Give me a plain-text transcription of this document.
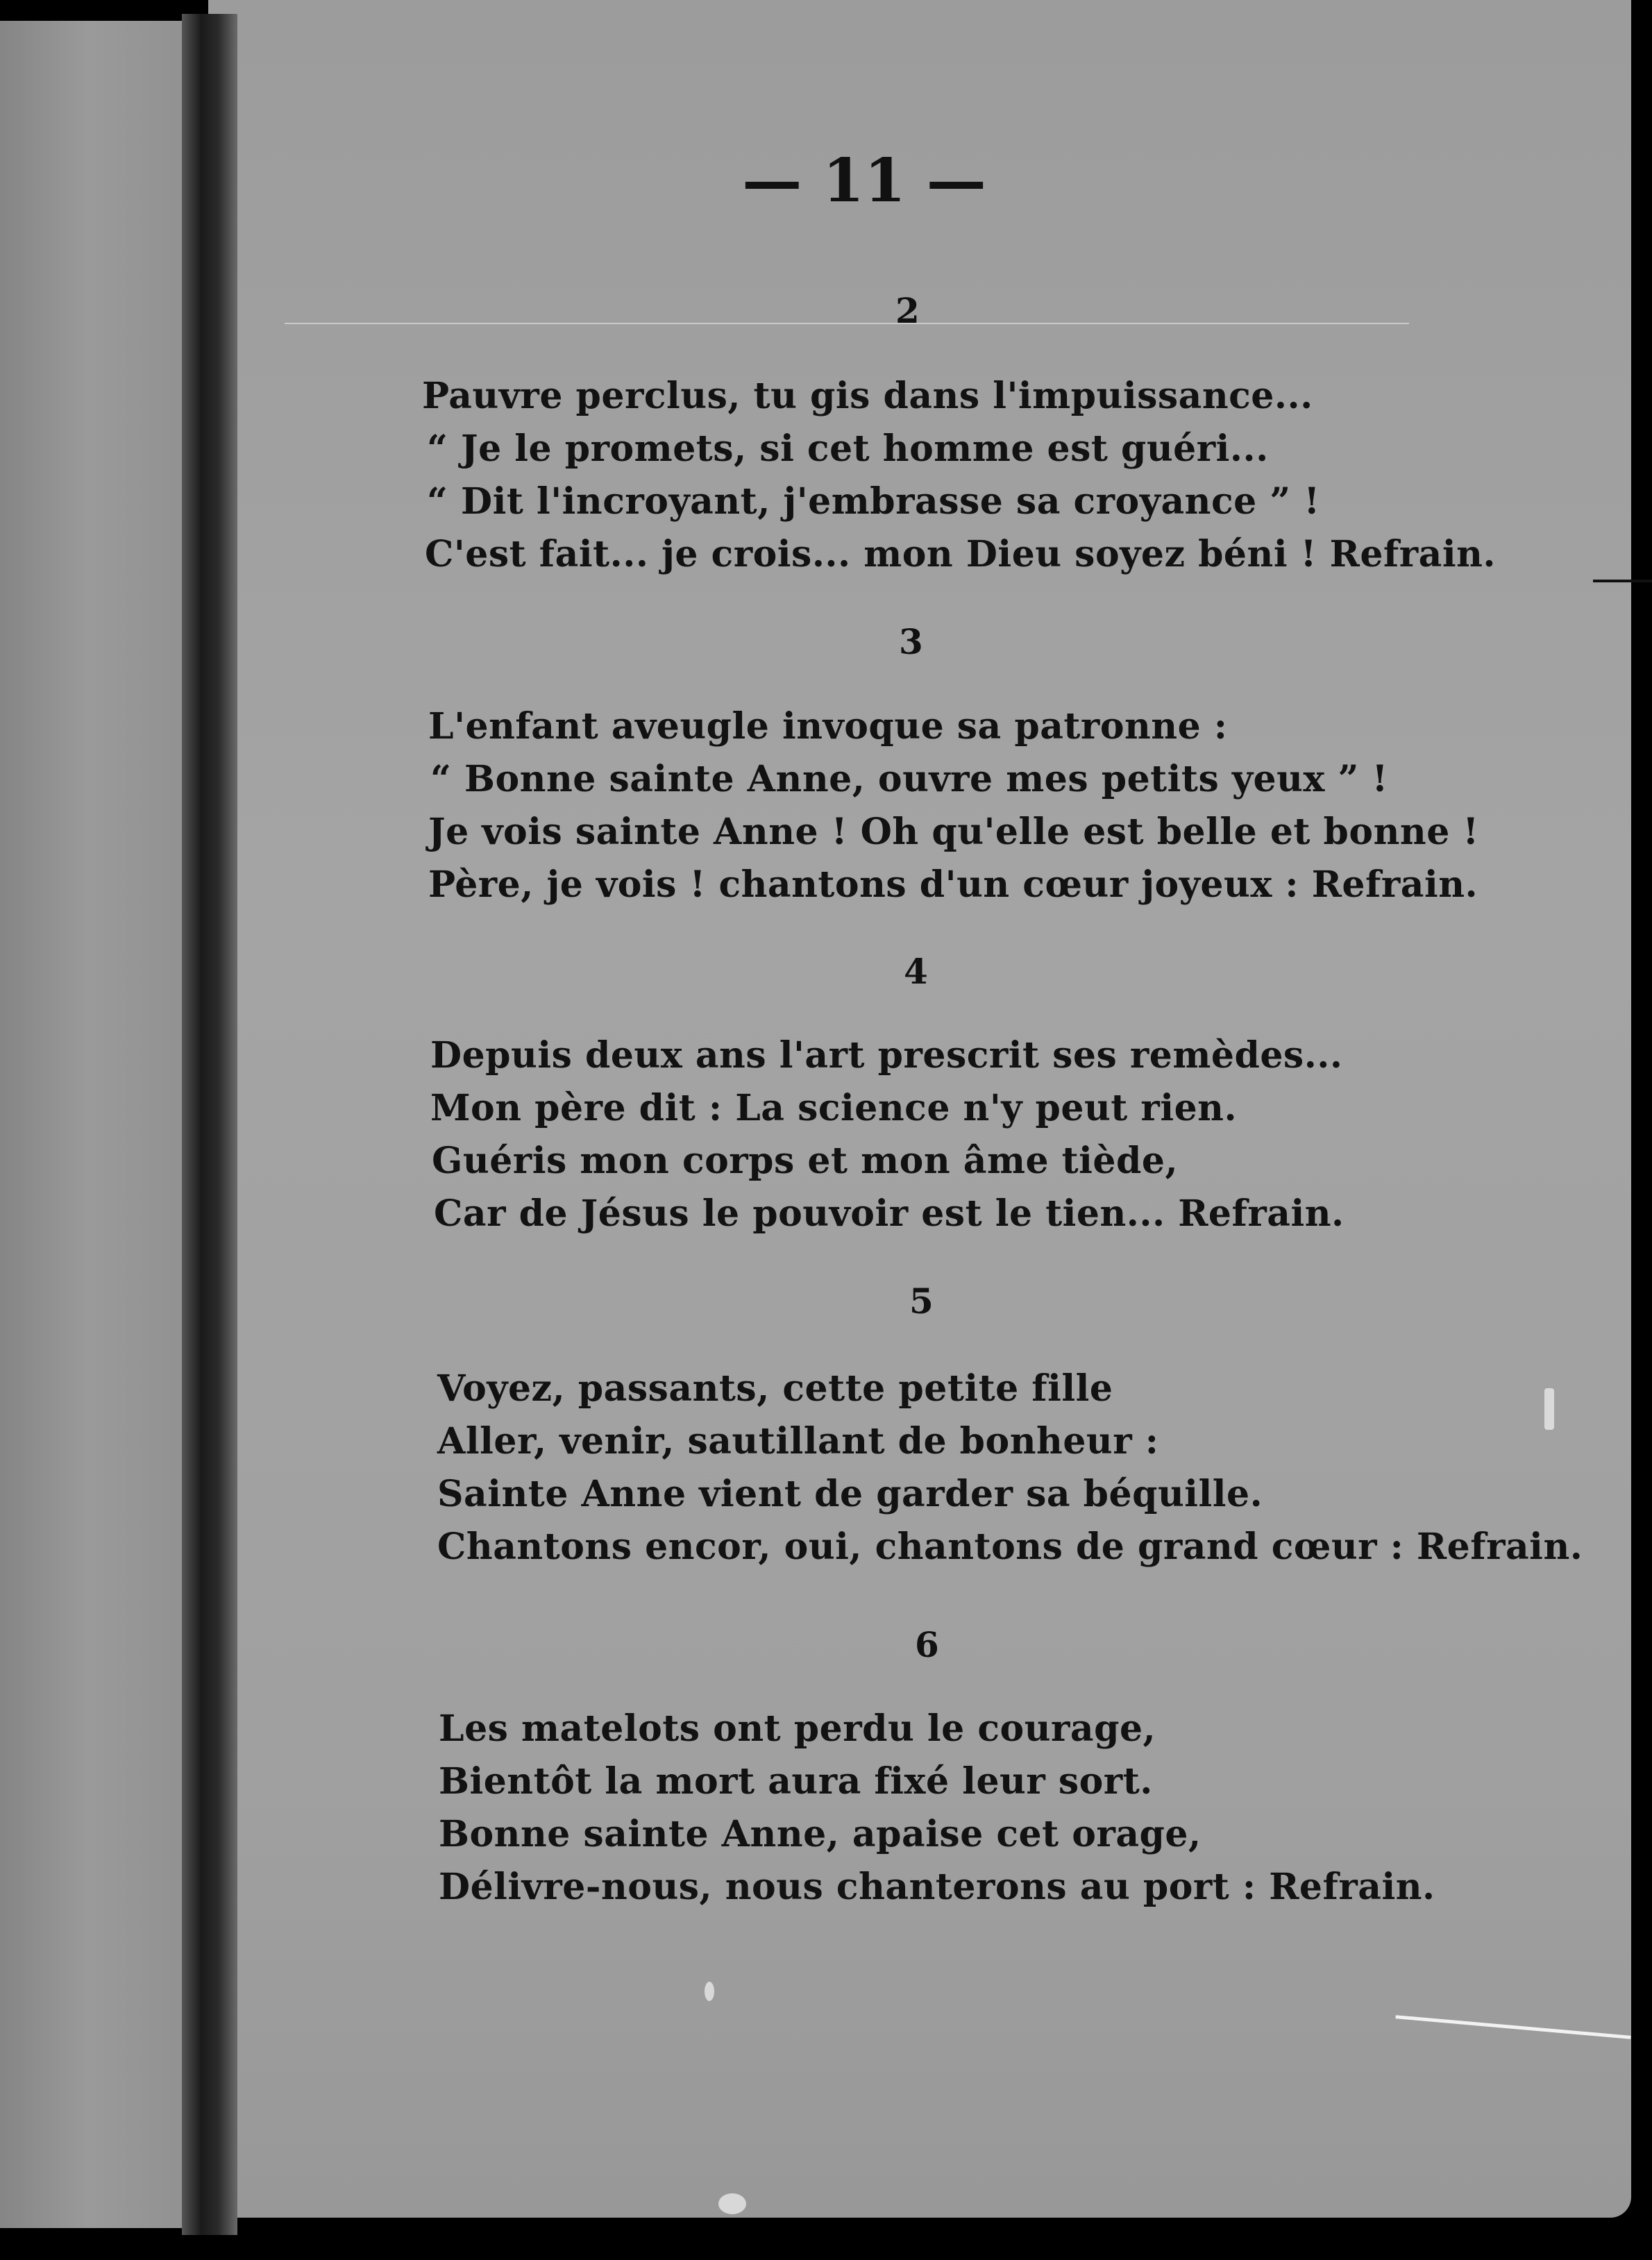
— 11 —
2
Pauvre perclus, tu gis dans l'impuissance...
“ Je le promets, si cet homme est guéri...
“ Dit l'incroyant, j'embrasse sa croyance ” !
C'est fait... je crois... mon Dieu soyez béni ! Refrain.
3
L'enfant aveugle invoque sa patronne :
“ Bonne sainte Anne, ouvre mes petits yeux ” !
Je vois sainte Anne ! Oh qu'elle est belle et bonne !
Père, je vois ! chantons d'un cœur joyeux : Refrain.
4
Depuis deux ans l'art prescrit ses remèdes...
Mon père dit : La science n'y peut rien.
Guéris mon corps et mon âme tiède,
Car de Jésus le pouvoir est le tien... Refrain.
5
Voyez, passants, cette petite fille
Aller, venir, sautillant de bonheur :
Sainte Anne vient de garder sa béquille.
Chantons encor, oui, chantons de grand cœur : Refrain.
6
Les matelots ont perdu le courage,
Bientôt la mort aura fixé leur sort.
Bonne sainte Anne, apaise cet orage,
Délivre-nous, nous chanterons au port : Refrain.
